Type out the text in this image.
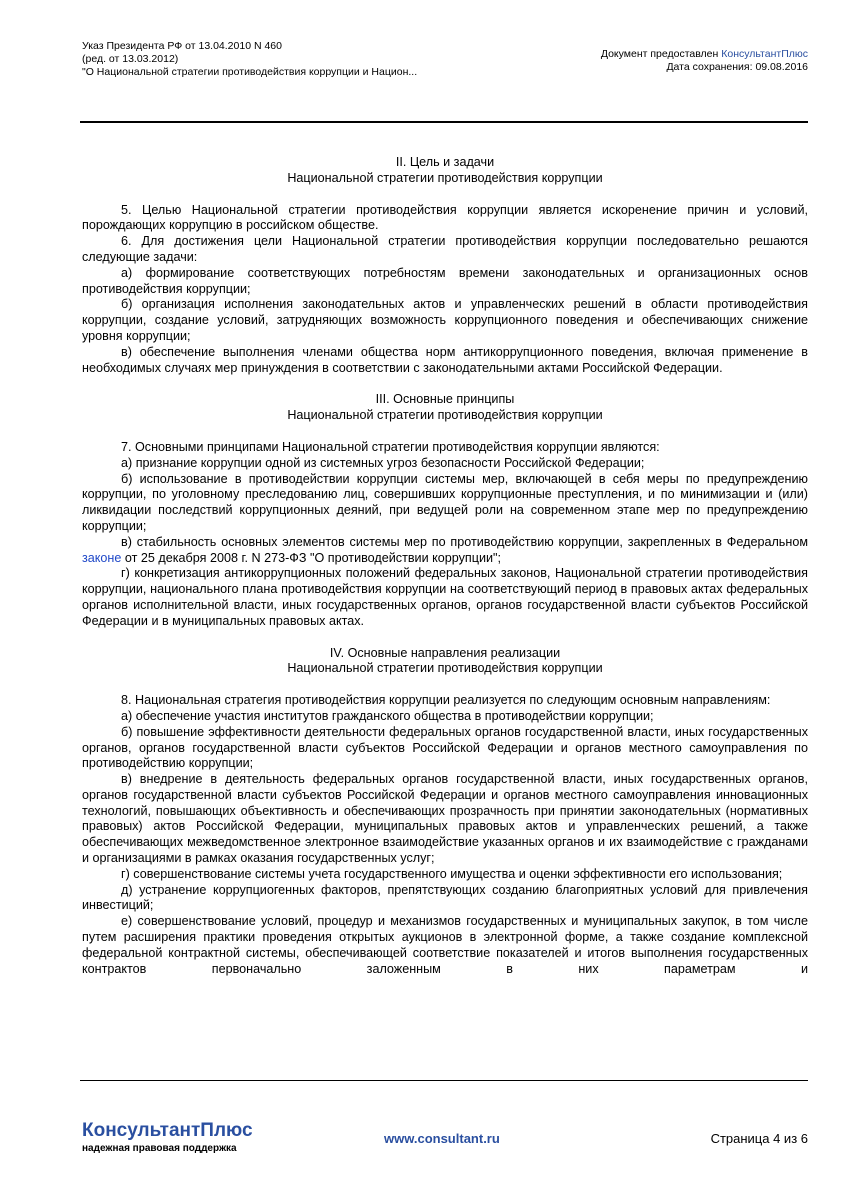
Указ Президента РФ от 13.04.2010 N 460
(ред. от 13.03.2012)
"О Национальной стратегии противодействия коррупции и Национ...
Документ предоставлен КонсультантПлюс
Дата сохранения: 09.08.2016
II. Цель и задачи
Национальной стратегии противодействия коррупции

5. Целью Национальной стратегии противодействия коррупции является искоренение причин и условий, порождающих коррупцию в российском обществе.

6. Для достижения цели Национальной стратегии противодействия коррупции последовательно решаются следующие задачи:

а) формирование соответствующих потребностям времени законодательных и организационных основ противодействия коррупции;

б) организация исполнения законодательных актов и управленческих решений в области противодействия коррупции, создание условий, затрудняющих возможность коррупционного поведения и обеспечивающих снижение уровня коррупции;

в) обеспечение выполнения членами общества норм антикоррупционного поведения, включая применение в необходимых случаях мер принуждения в соответствии с законодательными актами Российской Федерации.

III. Основные принципы
Национальной стратегии противодействия коррупции

7. Основными принципами Национальной стратегии противодействия коррупции являются:

а) признание коррупции одной из системных угроз безопасности Российской Федерации;

б) использование в противодействии коррупции системы мер, включающей в себя меры по предупреждению коррупции, по уголовному преследованию лиц, совершивших коррупционные преступления, и по минимизации и (или) ликвидации последствий коррупционных деяний, при ведущей роли на современном этапе мер по предупреждению коррупции;

в) стабильность основных элементов системы мер по противодействию коррупции, закрепленных в Федеральном законе от 25 декабря 2008 г. N 273-ФЗ "О противодействии коррупции";

г) конкретизация антикоррупционных положений федеральных законов, Национальной стратегии противодействия коррупции, национального плана противодействия коррупции на соответствующий период в правовых актах федеральных органов исполнительной власти, иных государственных органов, органов государственной власти субъектов Российской Федерации и в муниципальных правовых актах.

IV. Основные направления реализации
Национальной стратегии противодействия коррупции

8. Национальная стратегия противодействия коррупции реализуется по следующим основным направлениям:

а) обеспечение участия институтов гражданского общества в противодействии коррупции;

б) повышение эффективности деятельности федеральных органов государственной власти, иных государственных органов, органов государственной власти субъектов Российской Федерации и органов местного самоуправления по противодействию коррупции;

в) внедрение в деятельность федеральных органов государственной власти, иных государственных органов, органов государственной власти субъектов Российской Федерации и органов местного самоуправления инновационных технологий, повышающих объективность и обеспечивающих прозрачность при принятии законодательных (нормативных правовых) актов Российской Федерации, муниципальных правовых актов и управленческих решений, а также обеспечивающих межведомственное электронное взаимодействие указанных органов и их взаимодействие с гражданами и организациями в рамках оказания государственных услуг;

г) совершенствование системы учета государственного имущества и оценки эффективности его использования;

д) устранение коррупциогенных факторов, препятствующих созданию благоприятных условий для привлечения инвестиций;

е) совершенствование условий, процедур и механизмов государственных и муниципальных закупок, в том числе путем расширения практики проведения открытых аукционов в электронной форме, а также создание комплексной федеральной контрактной системы, обеспечивающей соответствие показателей и итогов выполнения государственных контрактов первоначально заложенным в них параметрам и

КонсультантПлюс
надежная правовая поддержка
www.consultant.ru	Страница 4 из 6
